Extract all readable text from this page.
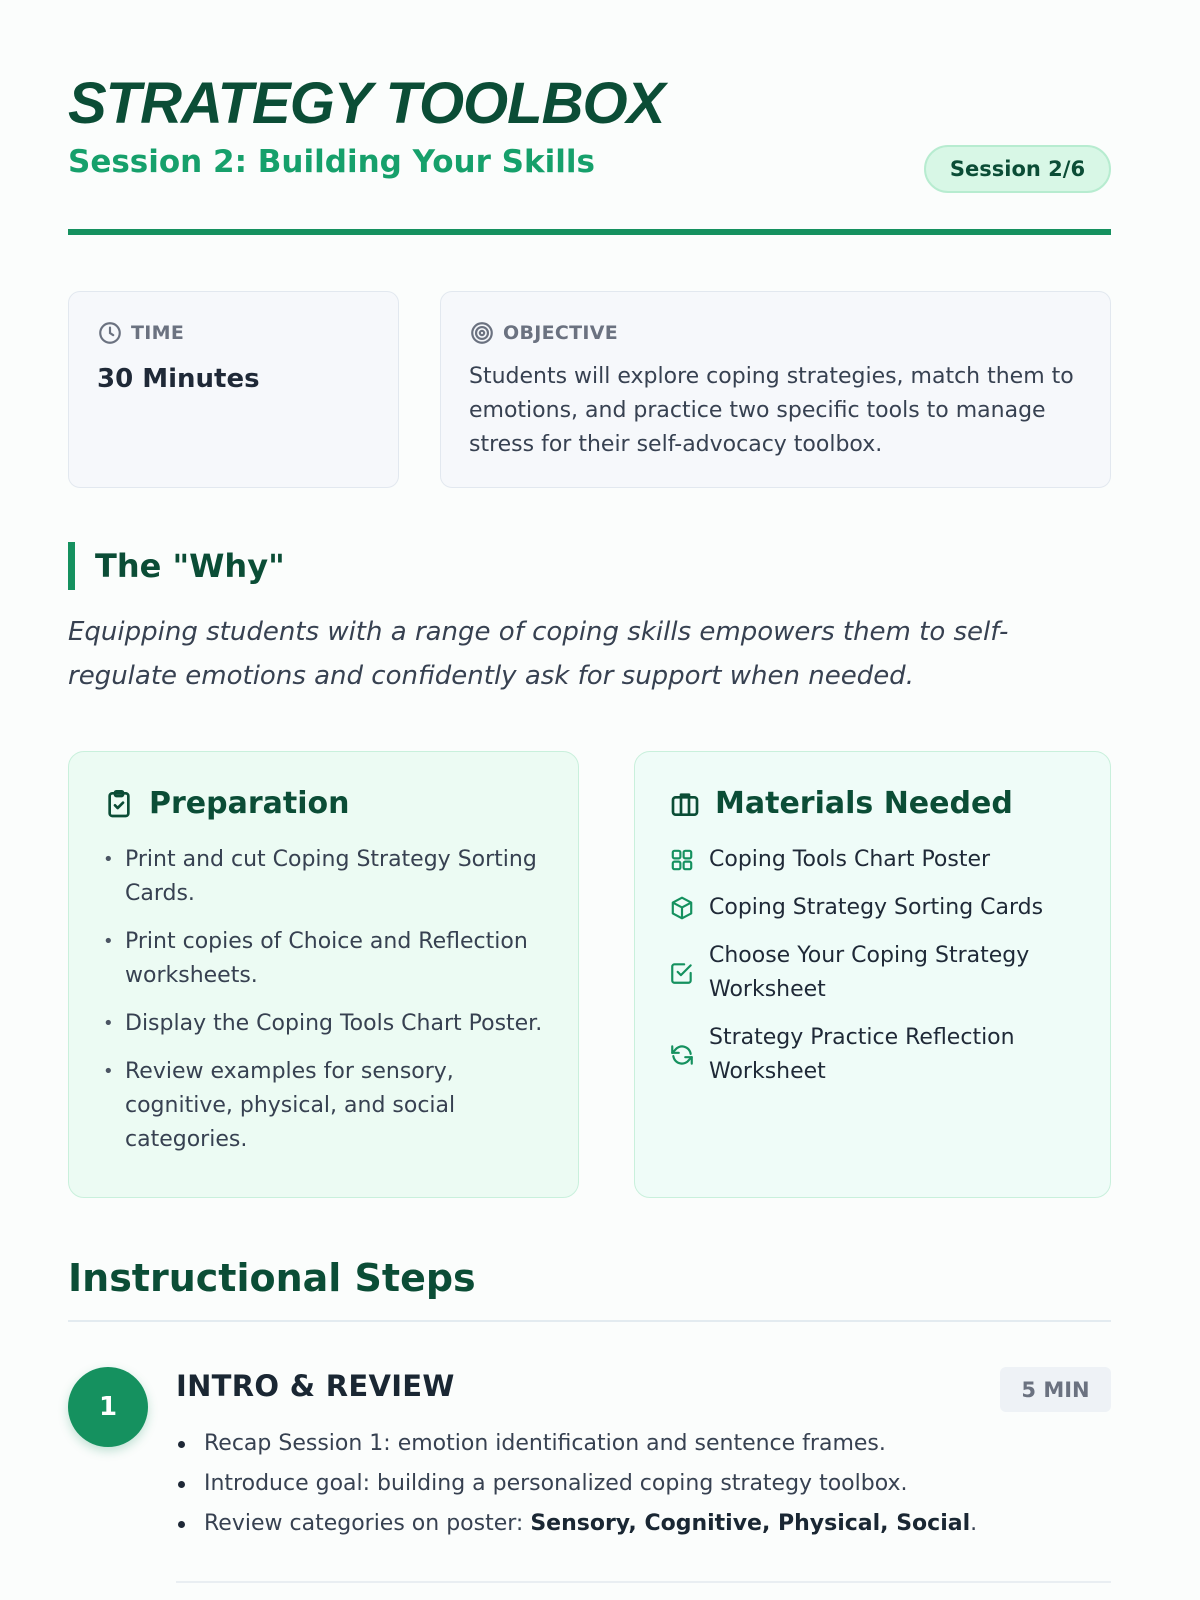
STRATEGY TOOLBOX
Session 2: Building Your Skills	Session 2/6
TIME
30 Minutes
OBJECTIVE
Students will explore coping strategies, match them to emotions, and practice two specific tools to manage stress for their self-advocacy toolbox.
The "Why"

Equipping students with a range of coping skills empowers them to self-regulate emotions and confidently ask for support when needed.

Preparation
• Print and cut Coping Strategy Sorting Cards.
• Print copies of Choice and Reflection worksheets.
• Display the Coping Tools Chart Poster.
• Review examples for sensory, cognitive, physical, and social categories.
Materials Needed
Coping Tools Chart Poster
Coping Strategy Sorting Cards
Choose Your Coping Strategy Worksheet
Strategy Practice Reflection Worksheet
Instructional Steps
1
INTRO & REVIEW	5 MIN
Recap Session 1: emotion identification and sentence frames.
Introduce goal: building a personalized coping strategy toolbox.
Review categories on poster: Sensory, Cognitive, Physical, Social.
